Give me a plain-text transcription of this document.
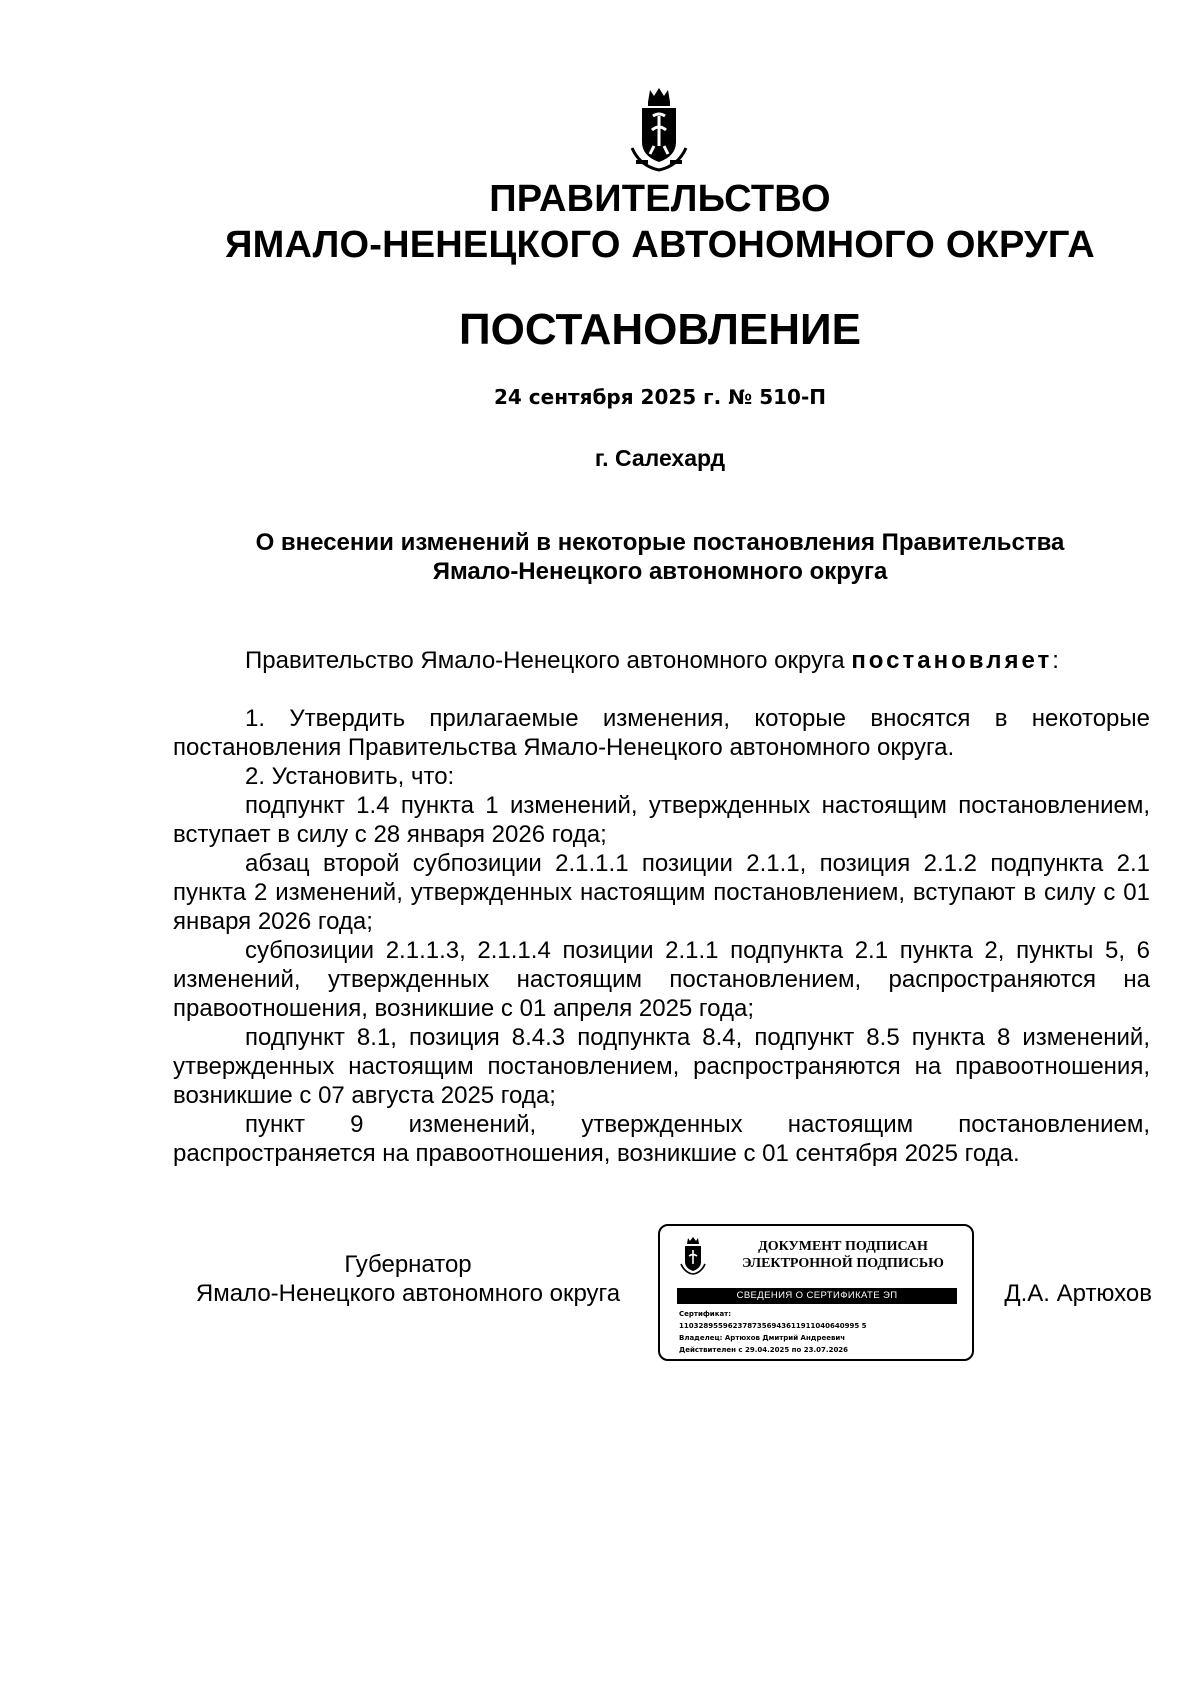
ПРАВИТЕЛЬСТВО
ЯМАЛО-НЕНЕЦКОГО АВТОНОМНОГО ОКРУГА
ПОСТАНОВЛЕНИЕ
24 сентября 2025 г. № 510-П
г. Салехард
О внесении изменений в некоторые постановления Правительства
Ямало-Ненецкого автономного округа

Правительство Ямало-Ненецкого автономного округа постановляет:

1. Утвердить прилагаемые изменения, которые вносятся в некоторые постановления Правительства Ямало-Ненецкого автономного округа.

2. Установить, что:

подпункт 1.4 пункта 1 изменений, утвержденных настоящим постановлением, вступает в силу с 28 января 2026 года;

абзац второй субпозиции 2.1.1.1 позиции 2.1.1, позиция 2.1.2 подпункта 2.1 пункта 2 изменений, утвержденных настоящим постановлением, вступают в силу с 01 января 2026 года;

субпозиции 2.1.1.3, 2.1.1.4 позиции 2.1.1 подпункта 2.1 пункта 2, пункты 5, 6 изменений, утвержденных настоящим постановлением, распространяются на правоотношения, возникшие с 01 апреля 2025 года;

подпункт 8.1, позиция 8.4.3 подпункта 8.4, подпункт 8.5 пункта 8 изменений, утвержденных настоящим постановлением, распространяются на правоотношения, возникшие с 07 августа 2025 года;

пункт 9 изменений, утвержденных настоящим постановлением, распространяется на правоотношения, возникшие с 01 сентября 2025 года.

Губернатор
Ямало-Ненецкого автономного округа
ДОКУМЕНТ ПОДПИСАН
ЭЛЕКТРОННОЙ ПОДПИСЬЮ
СВЕДЕНИЯ О СЕРТИФИКАТЕ ЭП
Сертификат:
1103289559623787356943611911040640995 5
Владелец: Артюхов Дмитрий Андреевич
Действителен с 29.04.2025 по 23.07.2026
Д.А. Артюхов
